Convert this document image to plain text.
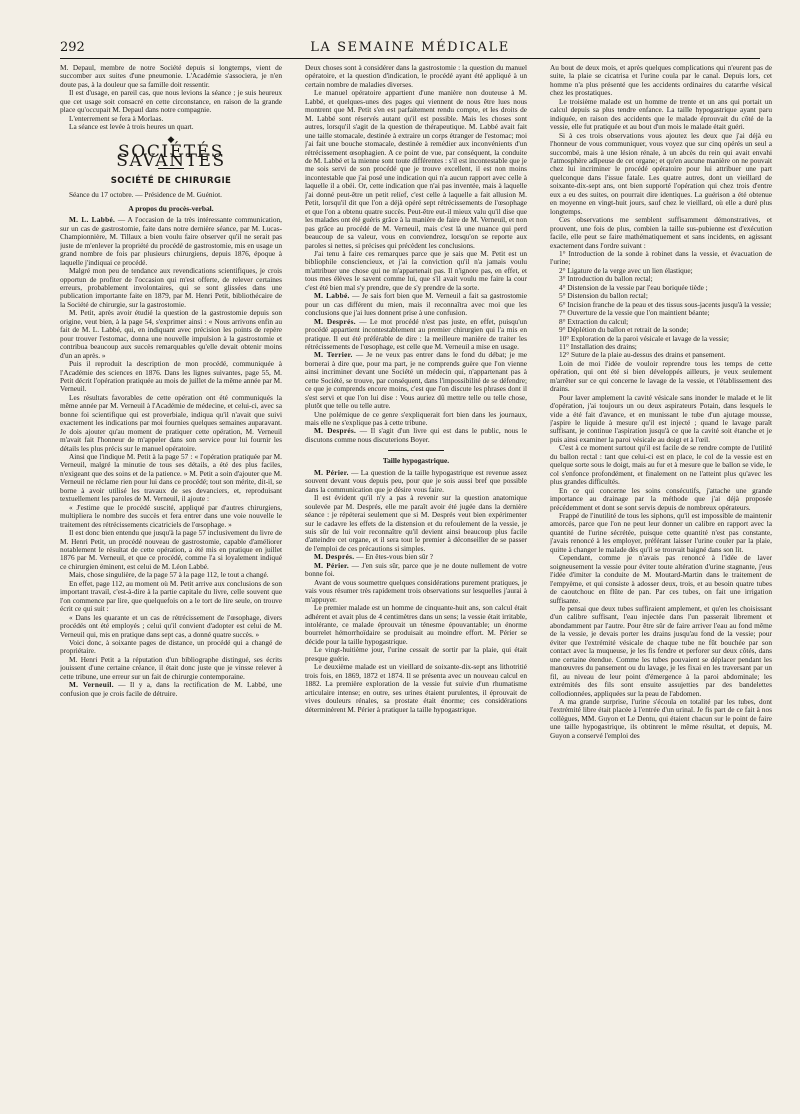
292	LA SEMAINE MÉDICALE

M. Depaul, membre de notre Société depuis si longtemps, vient de succomber aux suites d'une pneumonie. L'Académie s'associera, je n'en doute pas, à la douleur que sa famille doit ressentir.

Il est d'usage, en pareil cas, que nous levions la séance ; je suis heureux que cet usage soit consacré en cette circonstance, en raison de la grande place qu'occupait M. Depaul dans notre compagnie.

L'enterrement se fera à Morlaas.

La séance est levée à trois heures un quart.

◆
SOCIÉTÉS SAVANTES
SOCIÉTÉ DE CHIRURGIE

Séance du 17 octobre. — Présidence de M. Guéniot.

A propos du procès-verbal.

M. L. Labbé. — A l'occasion de la très intéressante communication, sur un cas de gastrostomie, faite dans notre dernière séance, par M. Lucas-Championnière, M. Tillaux a bien voulu faire observer qu'il ne serait pas juste de m'enlever la propriété du procédé de gastrostomie, mis en usage un grand nombre de fois par plusieurs chirurgiens, depuis 1876, époque à laquelle j'indiquai ce procédé.

Malgré mon peu de tendance aux revendications scientifiques, je crois opportun de profiter de l'occasion qui m'est offerte, de relever certaines erreurs, probablement involontaires, qui se sont glissées dans une publication importante faite en 1879, par M. Henri Petit, bibliothécaire de la Société de chirurgie, sur la gastrostomie.

M. Petit, après avoir étudié la question de la gastrostomie depuis son origine, veut bien, à la page 54, s'exprimer ainsi : « Nous arrivons enfin au fait de M. L. Labbé, qui, en indiquant avec précision les points de repère pour trouver l'estomac, donna une nouvelle impulsion à la gastrostomie et contribua beaucoup aux succès remarquables qu'elle devait obtenir moins d'un an après. »

Puis il reproduit la description de mon procédé, communiquée à l'Académie des sciences en 1876. Dans les lignes suivantes, page 55, M. Petit décrit l'opération pratiquée au mois de juillet de la même année par M. Verneuil.

Les résultats favorables de cette opération ont été communiqués la même année par M. Verneuil à l'Académie de médecine, et celui-ci, avec sa bonne foi scientifique qui est proverbiale, indiqua qu'il n'avait que suivi exactement les indications par moi fournies quelques semaines auparavant. Je dois ajouter qu'au moment de pratiquer cette opération, M. Verneuil m'avait fait l'honneur de m'appeler dans son service pour lui fournir les détails les plus précis sur le manuel opératoire.

Ainsi que l'indique M. Petit à la page 57 : « l'opération pratiquée par M. Verneuil, malgré la minutie de tous ses détails, a été des plus faciles, n'exigeant que des soins et de la patience. » M. Petit a soin d'ajouter que M. Verneuil ne réclame rien pour lui dans ce procédé; tout son mérite, dit-il, se borne à avoir utilisé les travaux de ses devanciers, et, reproduisant textuellement les paroles de M. Verneuil, il ajoute :

« J'estime que le procédé suscité, appliqué par d'autres chirurgiens, multipliera le nombre des succès et fera entrer dans une voie nouvelle le traitement des rétrécissements cicatriciels de l'œsophage. »

Il est donc bien entendu que jusqu'à la page 57 inclusivement du livre de M. Henri Petit, un procédé nouveau de gastrostomie, capable d'améliorer notablement le résultat de cette opération, a été mis en pratique en juillet 1876 par M. Verneuil, et que ce procédé, comme l'a si loyalement indiqué ce chirurgien éminent, est celui de M. Léon Labbé.

Mais, chose singulière, de la page 57 à la page 112, le tout a changé.

En effet, page 112, au moment où M. Petit arrive aux conclusions de son important travail, c'est-à-dire à la partie capitale du livre, celle souvent que l'on commence par lire, que quelquefois on a le tort de lire seule, on trouve écrit ce qui suit :

« Dans les quarante et un cas de rétrécissement de l'œsophage, divers procédés ont été employés ; celui qu'il convient d'adopter est celui de M. Verneuil qui, mis en pratique dans sept cas, a donné quatre succès. »

Voici donc, à soixante pages de distance, un procédé qui a changé de propriétaire.

M. Henri Petit a la réputation d'un bibliographe distingué, ses écrits jouissent d'une certaine créance, il était donc juste que je vinsse relever à cette tribune, une erreur sur un fait de chirurgie contemporaine.

M. Verneuil. — Il y a, dans la rectification de M. Labbé, une confusion que je crois facile de détruire.

Deux choses sont à considérer dans la gastrostomie : la question du manuel opératoire, et la question d'indication, le procédé ayant été appliqué à un certain nombre de maladies diverses.

Le manuel opératoire appartient d'une manière non douteuse à M. Labbé, et quelques-unes des pages qui viennent de nous être lues nous montrent que M. Petit s'en est parfaitement rendu compte, et les droits de M. Labbé sont réservés autant qu'il est possible. Mais les choses sont autres, lorsqu'il s'agit de la question de thérapeutique. M. Labbé avait fait une taille stomacale, destinée à extraire un corps étranger de l'estomac; moi j'ai fait une bouche stomacale, destinée à remédier aux inconvénients d'un rétrécissement œsophagien. A ce point de vue, par conséquent, la conduite de M. Labbé et la mienne sont toute différentes : s'il est incontestable que je me sois servi de son procédé que je trouve excellent, il est non moins incontestable que j'ai posé une indication qui n'a aucun rapport avec celle à laquelle il a obéi. Or, cette indication que n'ai pas inventée, mais à laquelle j'ai donné peut-être un petit relief, c'est celle à laquelle a fait allusion M. Petit, lorsqu'il dit que l'on a déjà opéré sept rétrécissements de l'œsophage et que l'on a obtenu quatre succès. Peut-être eut-il mieux valu qu'il dise que les malades ont été guéris grâce à la manière de faire de M. Verneuil, et non pas grâce au procédé de M. Verneuil, mais c'est là une nuance qui perd beaucoup de sa valeur, vous en conviendrez, lorsqu'on se reporte aux paroles si nettes, si précises qui précèdent les conclusions.

J'ai tenu à faire ces remarques parce que je sais que M. Petit est un bibliophile consciencieux, et j'ai la conviction qu'il n'a jamais voulu m'attribuer une chose qui ne m'appartenait pas. Il n'ignore pas, en effet, et tous mes élèves le savent comme lui, que s'il avait voulu me faire la cour c'est été bien mal s'y prendre, que de s'y prendre de la sorte.

M. Labbé. — Je sais fort bien que M. Verneuil a fait sa gastrostomie pour un cas différent du mien, mais il reconnaîtra avec moi que les conclusions que j'ai lues donnent prise à une confusion.

M. Després. — Le mot procédé n'est pas juste, en effet, puisqu'un procédé appartient incontestablement au premier chirurgien qui l'a mis en pratique. Il eut été préférable de dire : la meilleure manière de traiter les rétrécissements de l'œsophage, est celle que M. Verneuil a mise en usage.

M. Terrier. — Je ne veux pas entrer dans le fond du débat; je me bornerai à dire que, pour ma part, je ne comprends guère que l'on vienne ainsi incriminer devant une Société un médecin qui, n'appartenant pas à cette Société, se trouve, par conséquent, dans l'impossibilité de se défendre; ce que je comprends encore moins, c'est que l'on discute les phrases dont il s'est servi et que l'on lui dise : Vous auriez dû mettre telle ou telle chose, plutôt que telle ou telle autre.

Une polémique de ce genre s'expliquerait fort bien dans les journaux, mais elle ne s'explique pas à cette tribune.

M. Després. — Il s'agit d'un livre qui est dans le public, nous le discutons comme nous discuterions Boyer.

Taille hypogastrique.

M. Périer. — La question de la taille hypogastrique est revenue assez souvent devant vous depuis peu, pour que je sois aussi bref que possible dans la communication que je désire vous faire.

Il est évident qu'il n'y a pas à revenir sur la question anatomique soulevée par M. Després, elle me paraît avoir été jugée dans la dernière séance : je répéterai seulement que si M. Després veut bien expérimenter sur le cadavre les effets de la distension et du refoulement de la vessie, je suis sûr de lui voir reconnaître qu'il devient ainsi beaucoup plus facile d'atteindre cet organe, et il sera tout le premier à déconseiller de se passer de l'emploi de ces précautions si simples.

M. Després. — En êtes-vous bien sûr ?

M. Périer. — J'en suis sûr, parce que je ne doute nullement de votre bonne foi.

Avant de vous soumettre quelques considérations purement pratiques, je vais vous résumer très rapidement trois observations sur lesquelles j'aurai à m'appuyer.

Le premier malade est un homme de cinquante-huit ans, son calcul était adhérent et avait plus de 4 centimètres dans un sens; la vessie était irritable, intolérante, ce malade éprouvait un ténesme épouvantable; un énorme bourrelet hémorrhoïdaire se produisait au moindre effort. M. Périer se décide pour la taille hypogastrique.

Le vingt-huitième jour, l'urine cessait de sortir par la plaie, qui était presque guérie.

Le deuxième malade est un vieillard de soixante-dix-sept ans lithotritié trois fois, en 1869, 1872 et 1874. Il se présenta avec un nouveau calcul en 1882. La première exploration de la vessie fut suivie d'un rhumatisme articulaire intense; en outre, ses urines étaient purulentes, il éprouvait de vives douleurs rénales, sa prostate était énorme; ces considérations déterminèrent M. Périer à pratiquer la taille hypogastrique.

Au bout de deux mois, et après quelques complications qui n'eurent pas de suite, la plaie se cicatrisa et l'urine coula par le canal. Depuis lors, cet homme n'a plus présenté que les accidents ordinaires du catarrhe vésical chez les prostatiques.

Le troisième malade est un homme de trente et un ans qui portait un calcul depuis sa plus tendre enfance. La taille hypogastrique ayant paru indiquée, en raison des accidents que le malade éprouvait du côté de la vessie, elle fut pratiquée et au bout d'un mois le malade était guéri.

Si à ces trois observations vous ajoutez les deux que j'ai déjà eu l'honneur de vous communiquer, vous voyez que sur cinq opérés un seul a succombé, mais à une lésion rénale, à un abcès du rein qui avait envahi l'atmosphère adipeuse de cet organe; et qu'en aucune manière on ne pouvait chez lui incriminer le procédé opératoire pour lui attribuer une part quelconque dans l'issue fatale. Les quatre autres, dont un vieillard de soixante-dix-sept ans, ont bien supporté l'opération qui chez trois d'entre eux a eu des suites, on pourrait dire identiques. La guérison a été obtenue en moyenne en vingt-huit jours, sauf chez le vieillard, où elle a duré plus longtemps.

Ces observations me semblent suffisamment démonstratives, et prouvent, une fois de plus, combien la taille sus-pubienne est d'exécution facile, elle peut se faire mathématiquement et sans incidents, en agissant exactement dans l'ordre suivant :

1° Introduction de la sonde à robinet dans la vessie, et évacuation de l'urine;
2° Ligature de la verge avec un lien élastique;
3° Introduction du ballon rectal;
4° Distension de la vessie par l'eau boriquée tiède ;
5° Distension du ballon rectal;
6° Incision franche de la peau et des tissus sous-jacents jusqu'à la vessie;
7° Ouverture de la vessie que l'on maintient béante;
8° Extraction du calcul;
9° Déplétion du ballon et retrait de la sonde;
10° Exploration de la paroi vésicale et lavage de la vessie;
11° Installation des drains;
12° Suture de la plaie au-dessus des drains et pansement.

Loin de moi l'idée de vouloir reprendre tous les temps de cette opération, qui ont été si bien développés ailleurs, je veux seulement m'arrêter sur ce qui concerne le lavage de la vessie, et l'établissement des drains.

Pour laver amplement la cavité vésicale sans inonder le malade et le lit d'opération, j'ai toujours un ou deux aspirateurs Potain, dans lesquels le vide a été fait d'avance, et en munissant le tube d'un ajutage mousse, j'aspire le liquide à mesure qu'il est injecté ; quand le lavage paraît suffisant, je continue l'aspiration jusqu'à ce que la cavité soit étanche et je puis ainsi examiner la paroi vésicale au doigt et à l'œil.

C'est à ce moment surtout qu'il est facile de se rendre compte de l'utilité du ballon rectal : tant que celui-ci est en place, le col de la vessie est en quelque sorte sous le doigt, mais au fur et à mesure que le ballon se vide, le col s'enfonce profondément, et finalement on ne l'atteint plus qu'avec les plus grandes difficultés.

En ce qui concerne les soins consécutifs, j'attache une grande importance au drainage par la méthode que j'ai déjà proposée précédemment et dont se sont servis depuis de nombreux opérateurs.

Frappé de l'inutilité de tous les siphons, qu'il est impossible de maintenir amorcés, parce que l'on ne peut leur donner un calibre en rapport avec la quantité de l'urine sécrétée, puisque cette quantité n'est pas constante, j'avais renoncé à les employer, préférant laisser l'urine couler par la plaie, quitte à changer le malade dès qu'il se trouvait baigné dans son lit.

Cependant, comme je n'avais pas renoncé à l'idée de laver soigneusement la vessie pour éviter toute altération d'urine stagnante, j'eus l'idée d'imiter la conduite de M. Moutard-Martin dans le traitement de l'empyème, et qui consiste à adosser deux, trois, et au besoin quatre tubes de caoutchouc en flûte de pan. Par ces tubes, on fait une irrigation suffisante.

Je pensai que deux tubes suffiraient amplement, et qu'en les choisissant d'un calibre suffisant, l'eau injectée dans l'un passerait librement et abondamment par l'autre. Pour être sûr de faire arriver l'eau au fond même de la vessie, je devais porter les drains jusqu'au fond de la vessie; pour éviter que l'extrémité vésicale de chaque tube ne fût bouchée par son contact avec la muqueuse, je les fis fendre et perforer sur deux côtés, dans une certaine étendue. Comme les tubes pouvaient se déplacer pendant les manœuvres du pansement ou du lavage, je les fixai en les traversant par un fil, au niveau de leur point d'émergence à la paroi abdominale; les extrémités des fils sont ensuite assujetties par des bandelettes collodionnées, appliquées sur la peau de l'abdomen.

A ma grande surprise, l'urine s'écoula en totalité par les tubes, dont l'extrémité libre était placée à l'entrée d'un urinal. Je fis part de ce fait à nos collègues, MM. Guyon et Le Dentu, qui étaient chacun sur le point de faire une taille hypogastrique, ils obtinrent le même résultat, et depuis, M. Guyon a conservé l'emploi des
